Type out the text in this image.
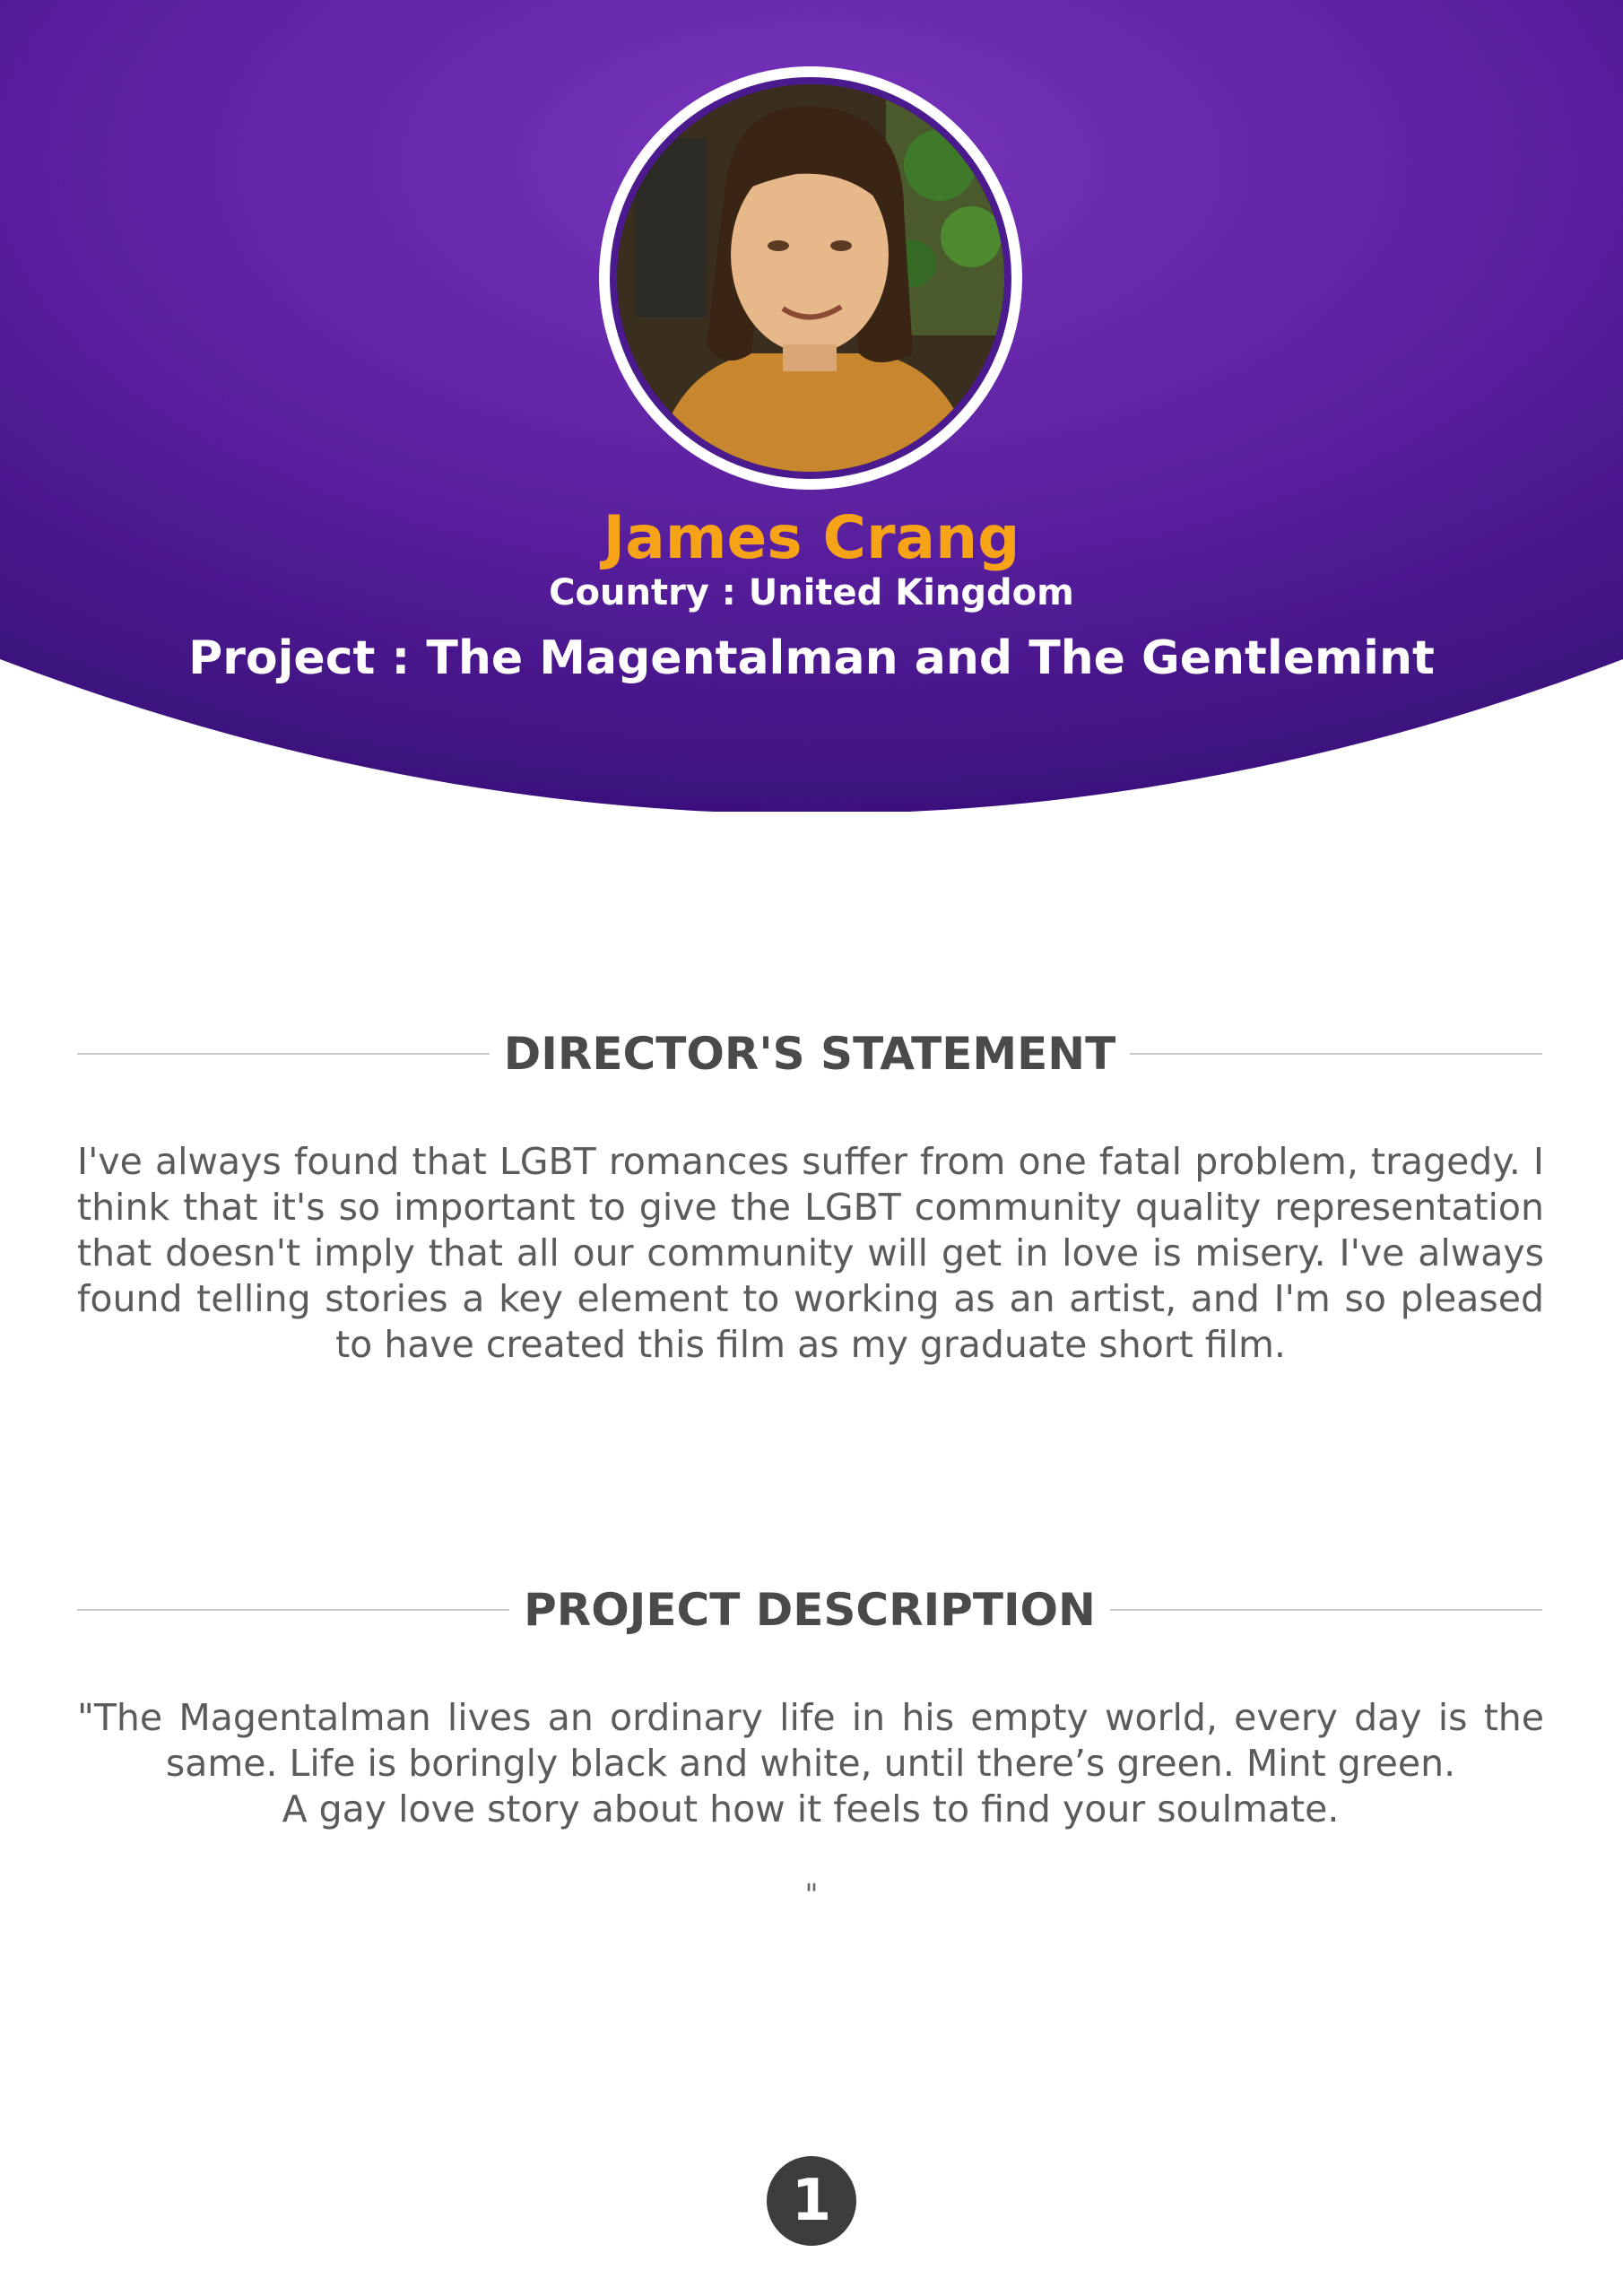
James Crang
Country : United Kingdom
Project : The Magentalman and The Gentlemint
DIRECTOR'S STATEMENT
I've always found that LGBT romances suffer from one fatal problem, tragedy. I think that it's so important to give the LGBT community quality representation that doesn't imply that all our community will get in love is misery. I've always found telling stories a key element to working as an artist, and I'm so pleased to have created this film as my graduate short film.
PROJECT DESCRIPTION
"The Magentalman lives an ordinary life in his empty world, every day is the same. Life is boringly black and white, until there’s green. Mint green.
A gay love story about how it feels to find your soulmate.
"
1
